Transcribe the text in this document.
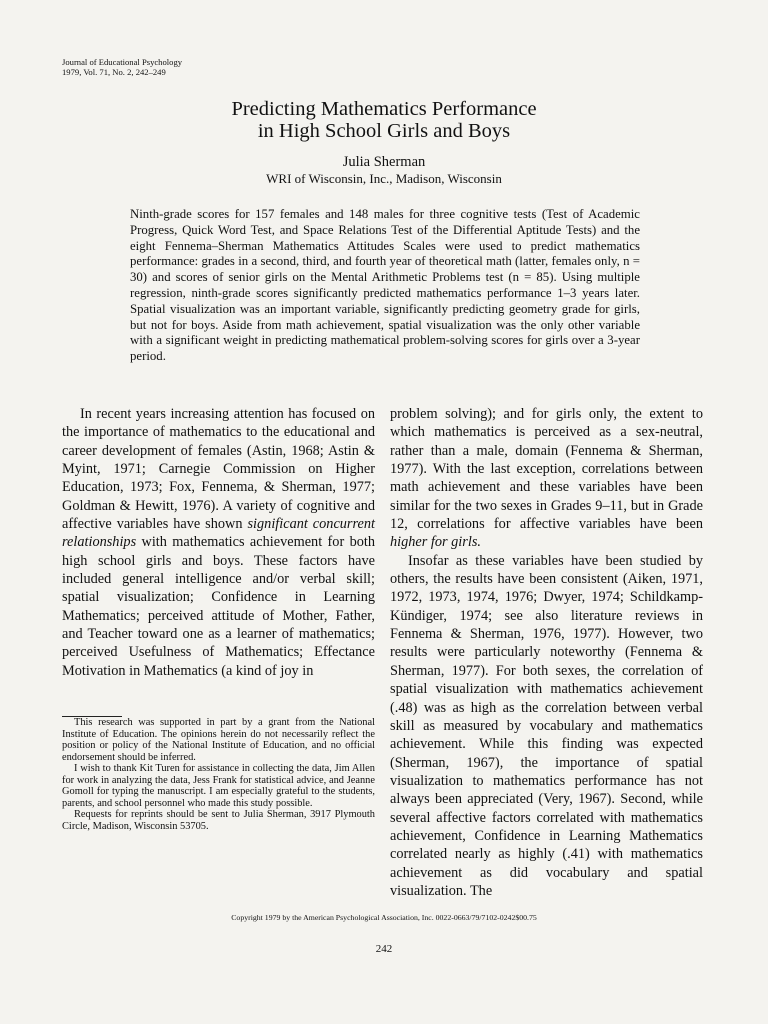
Journal of Educational Psychology
1979, Vol. 71, No. 2, 242–249
Predicting Mathematics Performance
in High School Girls and Boys
Julia Sherman
WRI of Wisconsin, Inc., Madison, Wisconsin
Ninth-grade scores for 157 females and 148 males for three cognitive tests (Test of Academic Progress, Quick Word Test, and Space Relations Test of the Differential Aptitude Tests) and the eight Fennema–Sherman Mathematics Attitudes Scales were used to predict mathematics performance: grades in a second, third, and fourth year of theoretical math (latter, females only, n = 30) and scores of senior girls on the Mental Arithmetic Problems test (n = 85). Using multiple regression, ninth-grade scores significantly predicted mathematics performance 1–3 years later. Spatial visualization was an important variable, significantly predicting geometry grade for girls, but not for boys. Aside from math achievement, spatial visualization was the only other variable with a significant weight in predicting mathematical problem-solving scores for girls over a 3-year period.

In recent years increasing attention has focused on the importance of mathematics to the educational and career development of females (Astin, 1968; Astin & Myint, 1971; Carnegie Commission on Higher Education, 1973; Fox, Fennema, & Sherman, 1977; Goldman & Hewitt, 1976). A variety of cognitive and affective variables have shown significant concurrent relationships with mathematics achievement for both high school girls and boys. These factors have included general intelligence and/or verbal skill; spatial visualization; Confidence in Learning Mathematics; perceived attitude of Mother, Father, and Teacher toward one as a learner of mathematics; perceived Usefulness of Mathematics; Effectance Motivation in Mathematics (a kind of joy in

This research was supported in part by a grant from the National Institute of Education. The opinions herein do not necessarily reflect the position or policy of the National Institute of Education, and no official endorsement should be inferred.

I wish to thank Kit Turen for assistance in collecting the data, Jim Allen for work in analyzing the data, Jess Frank for statistical advice, and Jeanne Gomoll for typing the manuscript. I am especially grateful to the students, parents, and school personnel who made this study possible.

Requests for reprints should be sent to Julia Sherman, 3917 Plymouth Circle, Madison, Wisconsin 53705.

problem solving); and for girls only, the extent to which mathematics is perceived as a sex-neutral, rather than a male, domain (Fennema & Sherman, 1977). With the last exception, correlations between math achievement and these variables have been similar for the two sexes in Grades 9–11, but in Grade 12, correlations for affective variables have been higher for girls.

Insofar as these variables have been studied by others, the results have been consistent (Aiken, 1971, 1972, 1973, 1974, 1976; Dwyer, 1974; Schildkamp-Kündiger, 1974; see also literature reviews in Fennema & Sherman, 1976, 1977). However, two results were particularly noteworthy (Fennema & Sherman, 1977). For both sexes, the correlation of spatial visualization with mathematics achievement (.48) was as high as the correlation between verbal skill as measured by vocabulary and mathematics achievement. While this finding was expected (Sherman, 1967), the importance of spatial visualization to mathematics performance has not always been appreciated (Very, 1967). Second, while several affective factors correlated with mathematics achievement, Confidence in Learning Mathematics correlated nearly as highly (.41) with mathematics achievement as did vocabulary and spatial visualization. The

Copyright 1979 by the American Psychological Association, Inc. 0022-0663/79/7102-0242$00.75
242
